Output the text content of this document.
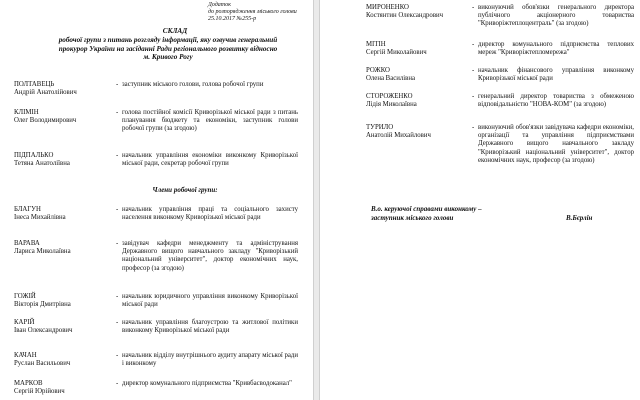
Додаток
до розпорядження міського голови
25.10.2017 №255-р
СКЛАД
робочої групи з питань розгляду інформації, яку озвучив генеральний
прокурор України на засіданні Ради регіонального розвитку відносно
м. Кривого Рогу
ПОЛТАВЕЦЬ
Андрій Анатолійович
- заступник міського голови, голова робочої групи
КЛІМІН
Олег Володимирович
- голова постійної комісії Криворізької міської ради з питань планування бюджету та економіки, заступник голови робочої групи (за згодою)
ПІДПАЛЬКО
Тетяна Анатоліївна
- начальник управління економіки виконкому Криворізької міської ради, секретар робочої групи
Члени робочої групи:
БЛАГУН
Інеса Михайлівна
- начальник управління праці та соціального захисту населення виконкому Криворізької міської ради
ВАРАВА
Лариса Миколаївна
- завідувач кафедри менеджменту та адміністрування Державного вищого навчального закладу "Криворізький національний університет", доктор економічних наук, професор (за згодою)
ГОЖІЙ
Вікторія Дмитрівна
- начальник юридичного управління виконкому Криворізької міської ради
КАРІЙ
Іван Олександрович
- начальник управління благоустрою та житлової політики виконкому Криворізької міської ради
КАЧАН
Руслан Васильович
- начальник відділу внутрішнього аудиту апарату міської ради і виконкому
МАРКОВ
Сергій Юрійович
- директор комунального підприємства "Кривбасводоканал"
МИРОНЕНКО
Костянтин Олександрович
- виконуючий обов'язки генерального директора публічного акціонерного товариства "Криворіжтеплоцентраль" (за згодою)
МІТІН
Сергій Миколайович
- директор комунального підприємства теплових мереж "Криворіжтепломережа"
РОЖКО
Олена Василівна
- начальник фінансового управління виконкому Криворізької міської ради
СТОРОЖЕНКО
Лідія Миколаївна
- генеральний директор товариства з обмеженою відповідальністю "НОВА-КОМ" (за згодою)
ТУРИЛО
Анатолій Михайлович
- виконуючий обов'язки завідувача кафедри економіки, організації та управління підприємствами Державного вищого навчального закладу "Криворізький національний університет", доктор економічних наук, професор (за згодою)
В.о. керуючої справами виконкому –
заступник міського голови	В.Бєрлін
